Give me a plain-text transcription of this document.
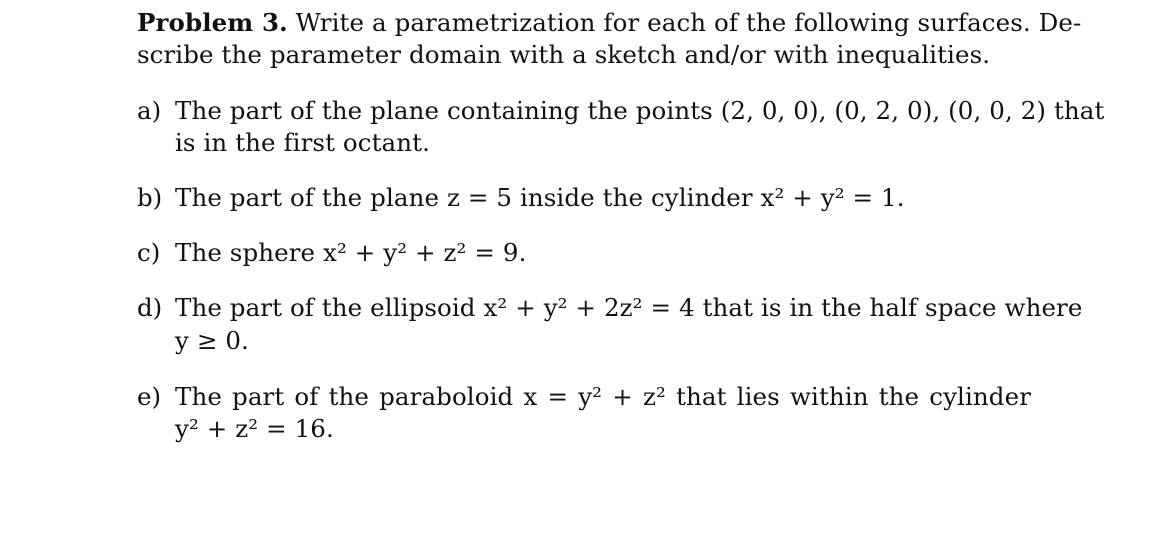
Problem 3. Write a parametrization for each of the following surfaces. De-
scribe the parameter domain with a sketch and/or with inequalities.
a) The part of the plane containing the points (2, 0, 0), (0, 2, 0), (0, 0, 2) that
is in the first octant.
b) The part of the plane z = 5 inside the cylinder x² + y² = 1.
c) The sphere x² + y² + z² = 9.
d) The part of the ellipsoid x² + y² + 2z² = 4 that is in the half space where
y ≥ 0.
e) The part of the paraboloid x = y² + z² that lies within the cylinder
y² + z² = 16.
